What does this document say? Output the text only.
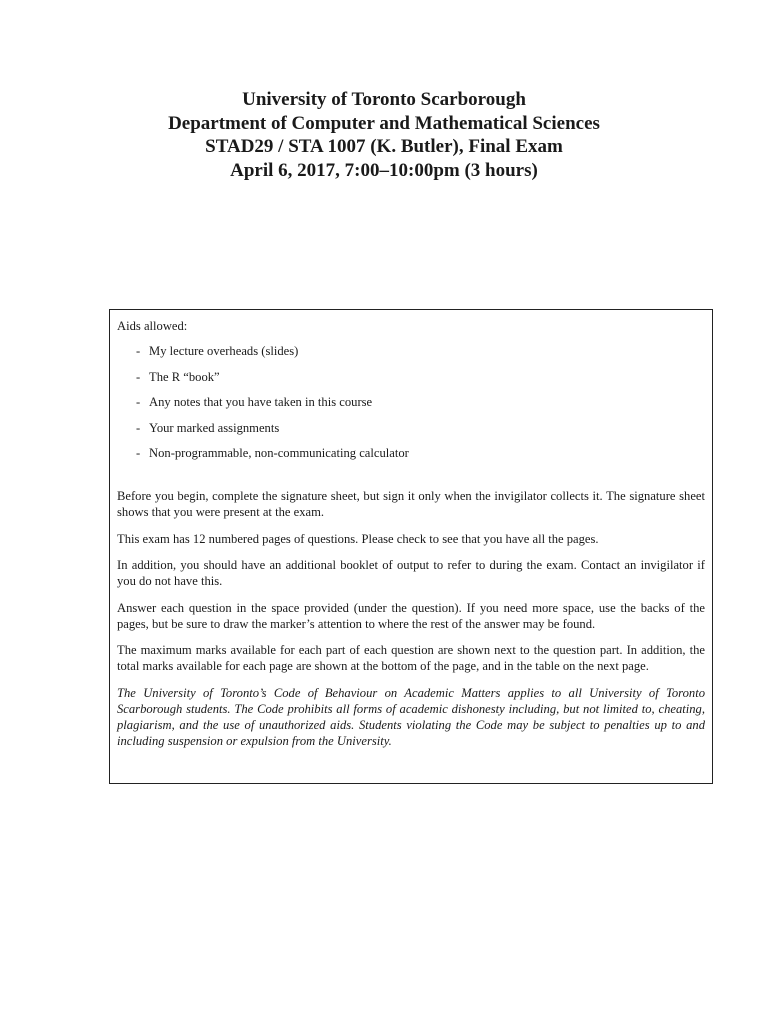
University of Toronto Scarborough
Department of Computer and Mathematical Sciences
STAD29 / STA 1007 (K. Butler), Final Exam
April 6, 2017, 7:00–10:00pm (3 hours)
Aids allowed:
- My lecture overheads (slides)
- The R “book”
- Any notes that you have taken in this course
- Your marked assignments
- Non-programmable, non-communicating calculator

Before you begin, complete the signature sheet, but sign it only when the invigilator collects it. The signature sheet shows that you were present at the exam.

This exam has 12 numbered pages of questions. Please check to see that you have all the pages.

In addition, you should have an additional booklet of output to refer to during the exam. Contact an invigilator if you do not have this.

Answer each question in the space provided (under the question). If you need more space, use the backs of the pages, but be sure to draw the marker’s attention to where the rest of the answer may be found.

The maximum marks available for each part of each question are shown next to the question part. In addition, the total marks available for each page are shown at the bottom of the page, and in the table on the next page.

The University of Toronto’s Code of Behaviour on Academic Matters applies to all University of Toronto Scarborough students. The Code prohibits all forms of academic dishonesty including, but not limited to, cheating, plagiarism, and the use of unauthorized aids. Students violating the Code may be subject to penalties up to and including suspension or expulsion from the University.
